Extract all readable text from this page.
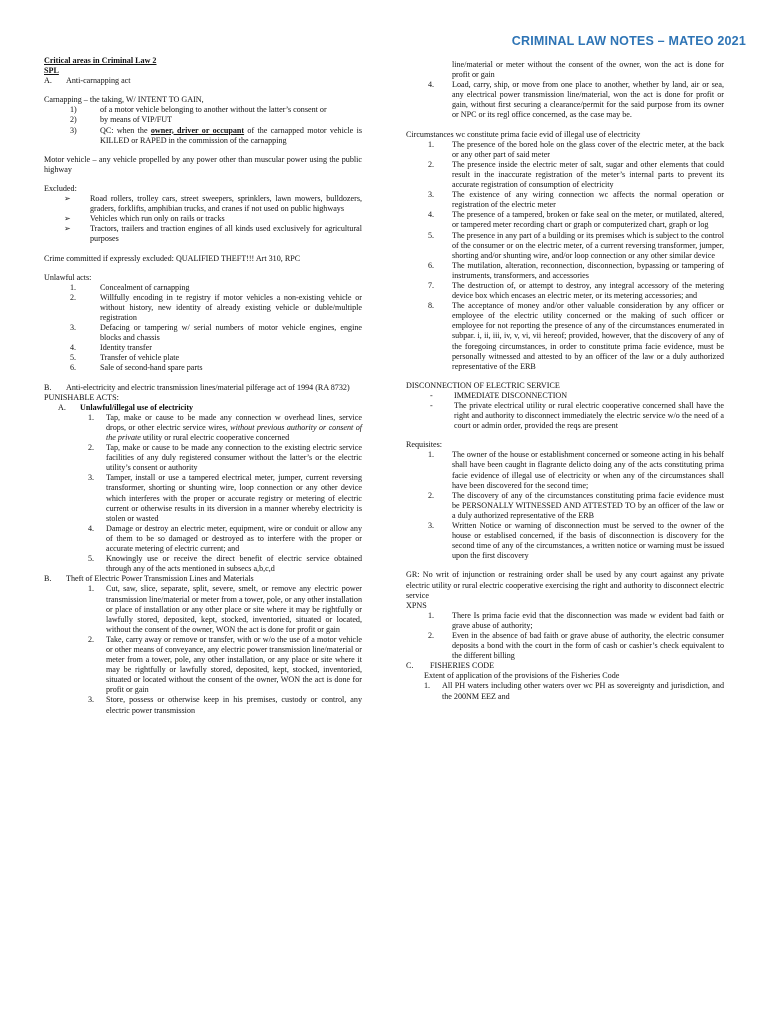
CRIMINAL LAW NOTES – MATEO 2021

Critical areas in Criminal Law 2

SPL

A.	Anti-carnapping act

Carnapping – the taking, W/ INTENT TO GAIN,

1)	of a motor vehicle belonging to another without the latter’s consent or
2)	by means of VIP/FUT
3)	QC: when the owner, driver or occupant of the carnapped motor vehicle is KILLED or RAPED in the commission of the carnapping

Motor vehicle – any vehicle propelled by any power other than muscular power using the public highway

Excluded:

➢	Road rollers, trolley cars, street sweepers, sprinklers, lawn mowers, bulldozers, graders, forklifts, amphibian trucks, and cranes if not used on public highways
➢	Vehicles which run only on rails or tracks
➢	Tractors, trailers and traction engines of all kinds used exclusively for agricultural purposes

Crime committed if expressly excluded: QUALIFIED THEFT!!! Art 310, RPC

Unlawful acts:

1.	Concealment of carnapping
2.	Willfully encoding in te registry if motor vehicles a non-existing vehicle or without history, new identity of already existing vehicle or duble/multiple registration
3.	Defacing or tampering w/ serial numbers of motor vehicle engines, engine blocks and chassis
4.	Identity transfer
5.	Transfer of vehicle plate
6.	Sale of second-hand spare parts
B.	Anti-electricity and electric transmission lines/material pilferage act of 1994 (RA 8732)

PUNISHABLE ACTS:

A.	Unlawful/illegal use of electricity
1.	Tap, make or cause to be made any connection w overhead lines, service drops, or other electric service wires, without previous authority or consent of the private utility or rural electric cooperative concerned
2.	Tap, make or cause to be made any connection to the existing electric service facilities of any duly registered consumer without the latter’s or the electric utility’s consent or authority
3.	Tamper, install or use a tampered electrical meter, jumper, current reversing transformer, shorting or shunting wire, loop connection or any other device which interferes with the proper or accurate registry or metering of electric current or otherwise results in its diversion in a manner whereby electricity is stolen or wasted
4.	Damage or destroy an electric meter, equipment, wire or conduit or allow any of them to be so damaged or destroyed as to interfere with the proper or accurate metering of electric current; and
5.	Knowingly use or receive the direct benefit of electric service obtained through any of the acts mentioned in subsecs a,b,c,d
B.	Theft of Electric Power Transmission Lines and Materials
1.	Cut, saw, slice, separate, split, severe, smelt, or remove any electric power transmission line/material or meter from a tower, pole, or any other installation or place of installation or any other place or site where it may be rightfully or lawfully stored, deposited, kept, stocked, inventoried, situated or located, without the consent of the owner, WON the act is done for profit or gain
2.	Take, carry away or remove or transfer, with or w/o the use of a motor vehicle or other means of conveyance, any electric power transmission line/material or meter from a tower, pole, any other installation, or any place or site where it may be rightfully or lawfully stored, deposited, kept, stocked, inventoried, situated or located without the consent of the owner, WON the act is done for profit or gain
3.	Store, possess or otherwise keep in his premises, custody or control, any electric power transmission

line/material or meter without the consent of the owner, won the act is done for profit or gain

4.	Load, carry, ship, or move from one place to another, whether by land, air or sea, any electrical power transmission line/material, won the act is done for profit or gain, without first securing a clearance/permit for the said purpose from its owner or NPC or its regl office concerned, as the case may be.

Circumstances wc constitute prima facie evid of illegal use of electricity

1.	The presence of the bored hole on the glass cover of the electric meter, at the back or any other part of said meter
2.	The presence inside the electric meter of salt, sugar and other elements that could result in the inaccurate registration of the meter’s internal parts to prevent its accurate registration of consumption of electricity
3.	The existence of any wiring connection wc affects the normal operation or registration of the electric meter
4.	The presence of a tampered, broken or fake seal on the meter, or mutilated, altered, or tampered meter recording chart or graph or computerized chart, graph or log
5.	The presence in any part of a building or its premises which is subject to the control of the consumer or on the electric meter, of a current reversing transformer, jumper, shorting and/or shunting wire, and/or loop connection or any other similar device
6.	The mutilation, alteration, reconnection, disconnection, bypassing or tampering of instruments, transformers, and accessories
7.	The destruction of, or attempt to destroy, any integral accessory of the metering device box which encases an electric meter, or its metering accessories; and
8.	The acceptance of money and/or other valuable consideration by any officer or employee of the electric utility concerned or the making of such officer or employee for not reporting the presence of any of the circumstances enumerated in subpar. i, ii, iii, iv, v, vi, vii hereof; provided, however, that the discovery of any of the foregoing circumstances, in order to constitute prima facie evidence, must be personally witnessed and attested to by an officer of the law or a duly authorized representative of the ERB

DISCONNECTION OF ELECTRIC SERVICE

-	IMMEDIATE DISCONNECTION
-	The private electrical utility or rural electric cooperative concerned shall have the right and authority to disconnect immediately the electric service w/o the need of a court or admin order, provided the reqs are present

Requisites:

1.	The owner of the house or establishment concerned or someone acting in his behalf shall have been caught in flagrante delicto doing any of the acts constituting prima facie evidence of illegal use of electricity or when any of the circumstances shall have been discovered for the second time;
2.	The discovery of any of the circumstances constituting prima facie evidence must be PERSONALLY WITNESSED AND ATTESTED TO by an officer of the law or a duly authorized representative of the ERB
3.	Written Notice or warning of disconnection must be served to the owner of the house or establised concerned, if the basis of disconnection is discovery for the second time of any of the circumstances, a written notice or warning must be issued upon the first discovery

GR: No writ of injunction or restraining order shall be used by any court against any private electric utility or rural electric cooperative exercising the right and authority to disconnect electric service

XPNS

1.	There Is prima facie evid that the disconnection was made w evident bad faith or grave abuse of authority;
2.	Even in the absence of bad faith or grave abuse of authority, the electric consumer deposits a bond with the court in the form of cash or cashier’s check equivalent to the different billing
C.	FISHERIES CODE

Extent of application of the provisions of the Fisheries Code

1.	All PH waters including other waters over wc PH as sovereignty and jurisdiction, and the 200NM EEZ and
